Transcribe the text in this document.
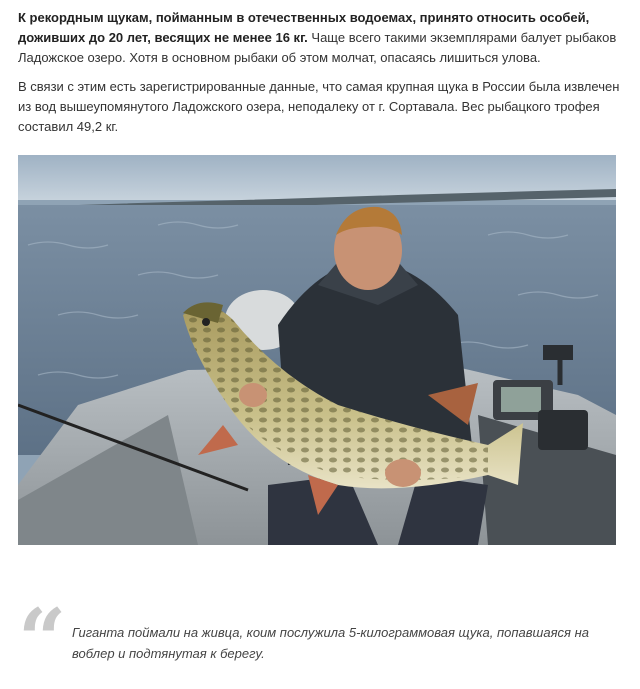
К рекордным щукам, пойманным в отечественных водоемах, принято относить особей, доживших до 20 лет, весящих не менее 16 кг. Чаще всего такими экземплярами балует рыбаков Ладожское озеро. Хотя в основном рыбаки об этом молчат, опасаясь лишиться улова.

В связи с этим есть зарегистрированные данные, что самая крупная щука в России была извлечен из вод вышеупомянутого Ладожского озера, неподалеку от г. Сортавала. Вес рыбацкого трофея составил 49,2 кг.

“ Гиганта поймали на живца, коим послужила 5-килограммовая щука, попавшаяся на воблер и подтянутая к берегу.
